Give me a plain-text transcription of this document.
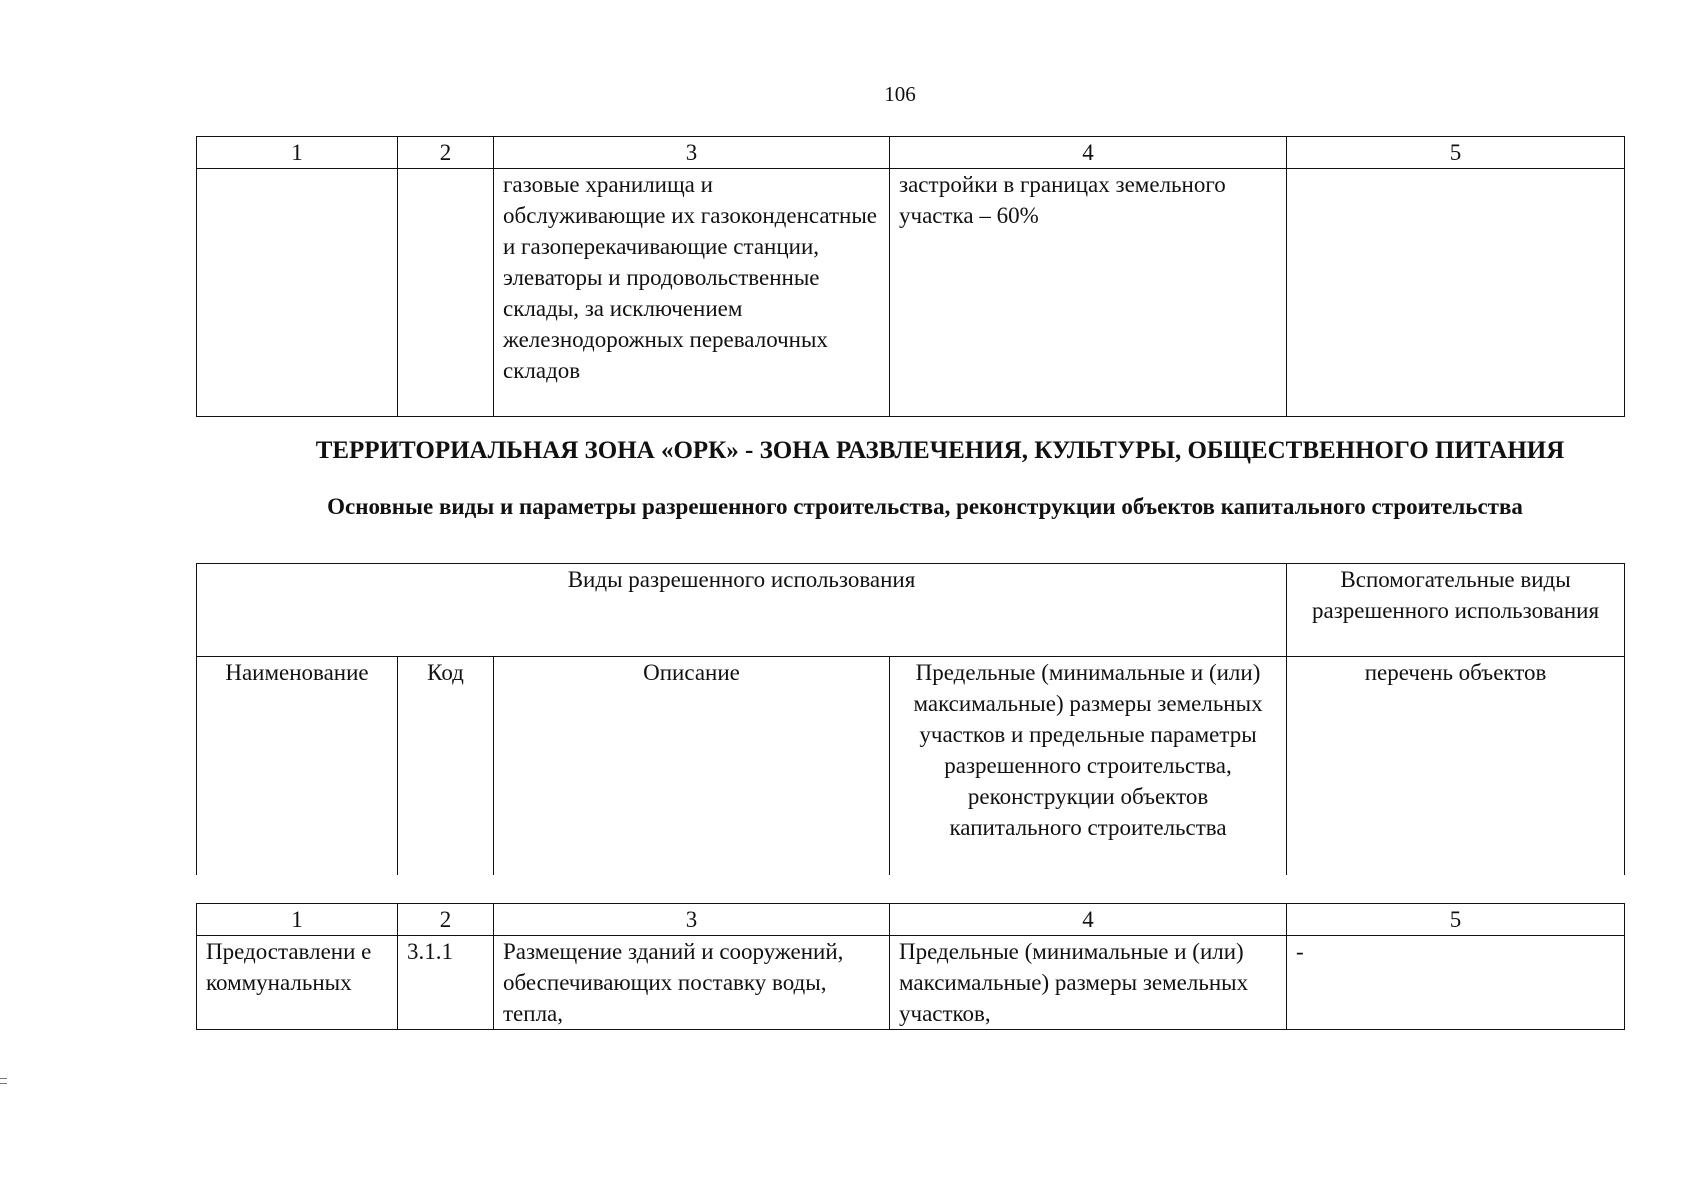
106
1	2	3	4	5
		газовые хранилища и обслуживающие их газоконденсатные и газоперекачивающие станции, элеваторы и продовольственные склады, за исключением железнодорожных перевалочных складов	застройки в границах земельного участка – 60%	
ТЕРРИТОРИАЛЬНАЯ ЗОНА «ОРК» - ЗОНА РАЗВЛЕЧЕНИЯ, КУЛЬТУРЫ, ОБЩЕСТВЕННОГО ПИТАНИЯ
Основные виды и параметры разрешенного строительства, реконструкции объектов капитального строительства
Виды разрешенного использования				Вспомогательные виды разрешенного использования
Наименование	Код	Описание	Предельные (минимальные и (или) максимальные) размеры земельных участков и предельные параметры разрешенного строительства, реконструкции объектов капитального строительства	перечень объектов
1	2	3	4	5
Предоставлени е коммунальных	3.1.1	Размещение зданий и сооружений, обеспечивающих поставку воды, тепла,	Предельные (минимальные и (или) максимальные) размеры земельных участков,	-
